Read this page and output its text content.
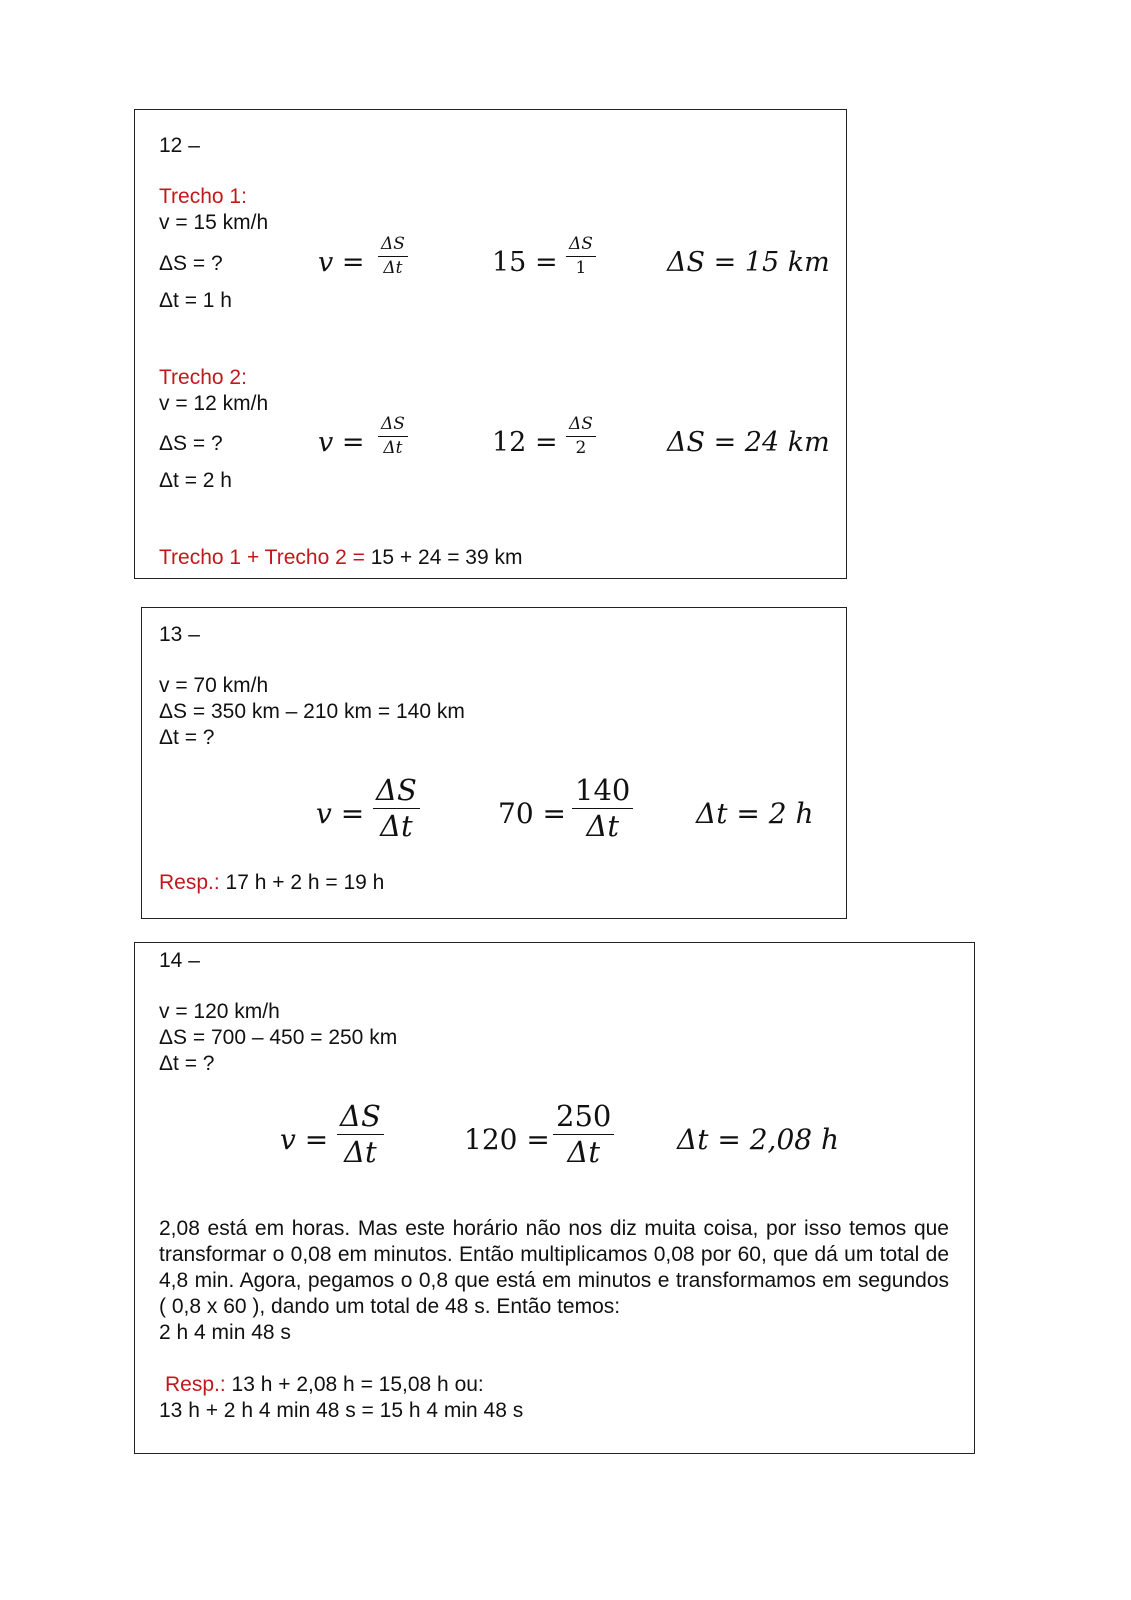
12 –
Trecho 1:
v = 15 km/h
ΔS = ?
Δt = 1 h
v =
ΔS
Δt	15 =
ΔS
1	ΔS = 15 km
Trecho 2:
v = 12 km/h
ΔS = ?
Δt = 2 h
v =
ΔS
Δt	12 =
ΔS
2	ΔS = 24 km
Trecho 1 + Trecho 2 = 15 + 24 = 39 km
13 –
v = 70 km/h
ΔS = 350 km – 210 km = 140 km
Δt = ?
v =
ΔS
Δt	70 =
140
Δt	Δt = 2 h
Resp.: 17 h + 2 h = 19 h
14 –
v = 120 km/h
ΔS = 700 – 450 = 250 km
Δt = ?
v =
ΔS
Δt	120 =
250
Δt	Δt = 2,08 h
2,08 está em horas. Mas este horário não nos diz muita coisa, por isso temos que transformar o 0,08 em minutos. Então multiplicamos 0,08 por 60, que dá um total de 4,8 min. Agora, pegamos o 0,8 que está em minutos e transformamos em segundos ( 0,8 x 60 ), dando um total de 48 s. Então temos:
2 h 4 min 48 s
Resp.: 13 h + 2,08 h = 15,08 h ou:
13 h + 2 h 4 min 48 s = 15 h 4 min 48 s
